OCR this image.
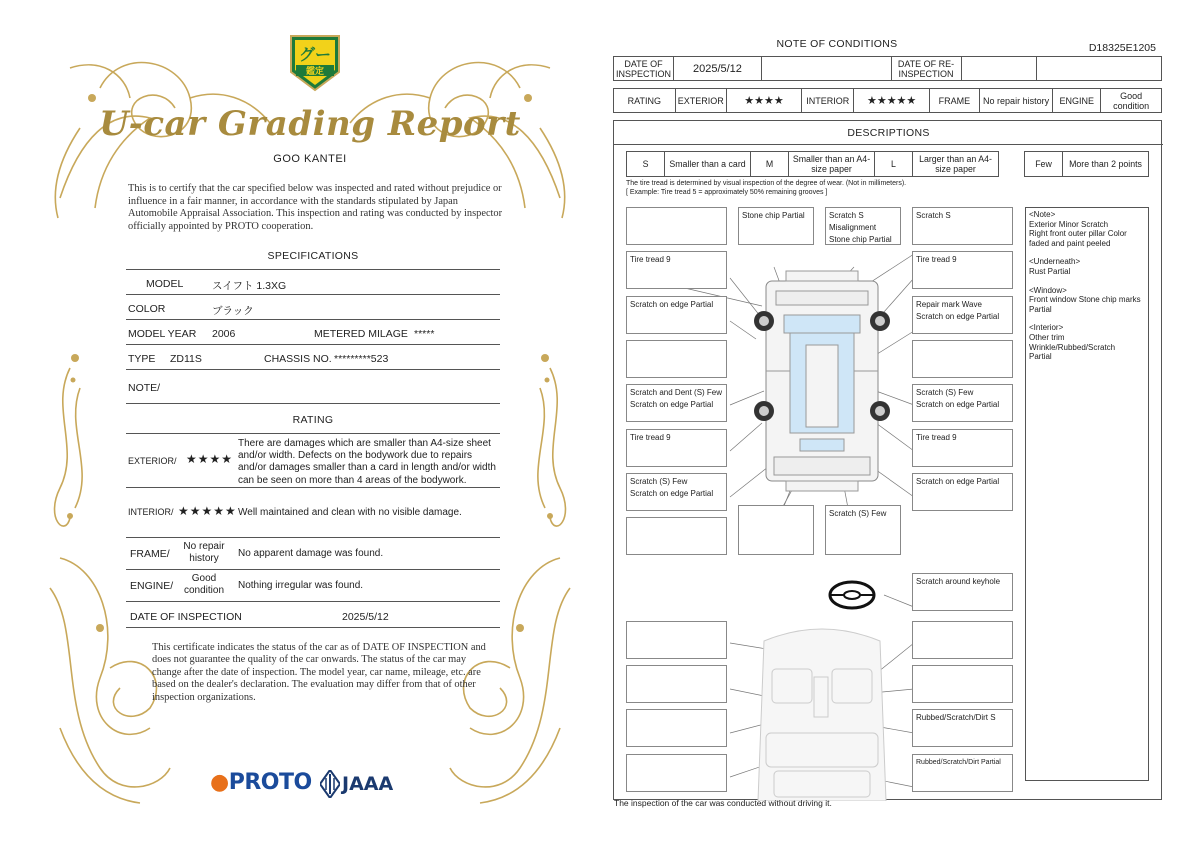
グー
鑑定
U-car Grading Report
GOO KANTEI
This is to certify that the car specified below was inspected and rated without prejudice or influence in a fair manner, in accordance with the standards stipulated by Japan Automobile Appraisal Association. This inspection and rating was conducted by inspector officially appointed by PROTO cooperation.
SPECIFICATIONS
MODEL	スイフト 1.3XG
COLOR	ブラック
MODEL YEAR 2006	METERED MILAGE *****
TYPE ZD11S	CHASSIS NO. *********523
NOTE/
RATING
EXTERIOR/ ★★★★
There are damages which are smaller than A4-size sheet and/or width. Defects on the bodywork due to repairs and/or damages smaller than a card in length and/or width can be seen on more than 4 areas of the bodywork.
INTERIOR/ ★★★★★ Well maintained and clean with no visible damage.
FRAME/
No repair history	No apparent damage was found.
ENGINE/
Good condition	Nothing irregular was found.
DATE OF INSPECTION	2025/5/12
This certificate indicates the status of the car as of DATE OF INSPECTION and does not guarantee the quality of the car onwards. The status of the car may change after the date of inspection. The model year, car name, mileage, etc. are based on the dealer's declaration. The evaluation may differ from that of other inspection organizations.
●PROTO JAAA
NOTE OF CONDITIONS	D18325E1205
DATE OF INSPECTION	2025/5/12		DATE OF RE-INSPECTION		
RATING	EXTERIOR	★★★★	INTERIOR	★★★★★	FRAME	No repair history	ENGINE	Good condition
DESCRIPTIONS
S	Smaller than a card	M	Smaller than an A4-size paper	L	Larger than an A4-size paper	Few	More than 2 points
The tire tread is determined by visual inspection of the degree of wear. (Not in millimeters).
[ Example: Tire tread 5 = approximately 50% remaining grooves ]
Tire tread 9
Scratch on edge Partial
Scratch and Dent (S) Few
Scratch on edge Partial
Tire tread 9
Scratch (S) Few
Scratch on edge Partial
Stone chip Partial	Scratch S
Misalignment
Stone chip Partial
Scratch (S) Few
Scratch S
Tire tread 9
Repair mark Wave
Scratch on edge Partial
Scratch (S) Few
Scratch on edge Partial
Tire tread 9
Scratch on edge Partial
Scratch around keyhole
Rubbed/Scratch/Dirt S
Rubbed/Scratch/Dirt Partial
<Note>
Exterior Minor Scratch
Right front outer pillar Color faded and paint peeled
<Underneath>
Rust Partial
<Window>
Front window Stone chip marks Partial
<Interior>
Other trim
Wrinkle/Rubbed/Scratch
Partial
The inspection of the car was conducted without driving it.
